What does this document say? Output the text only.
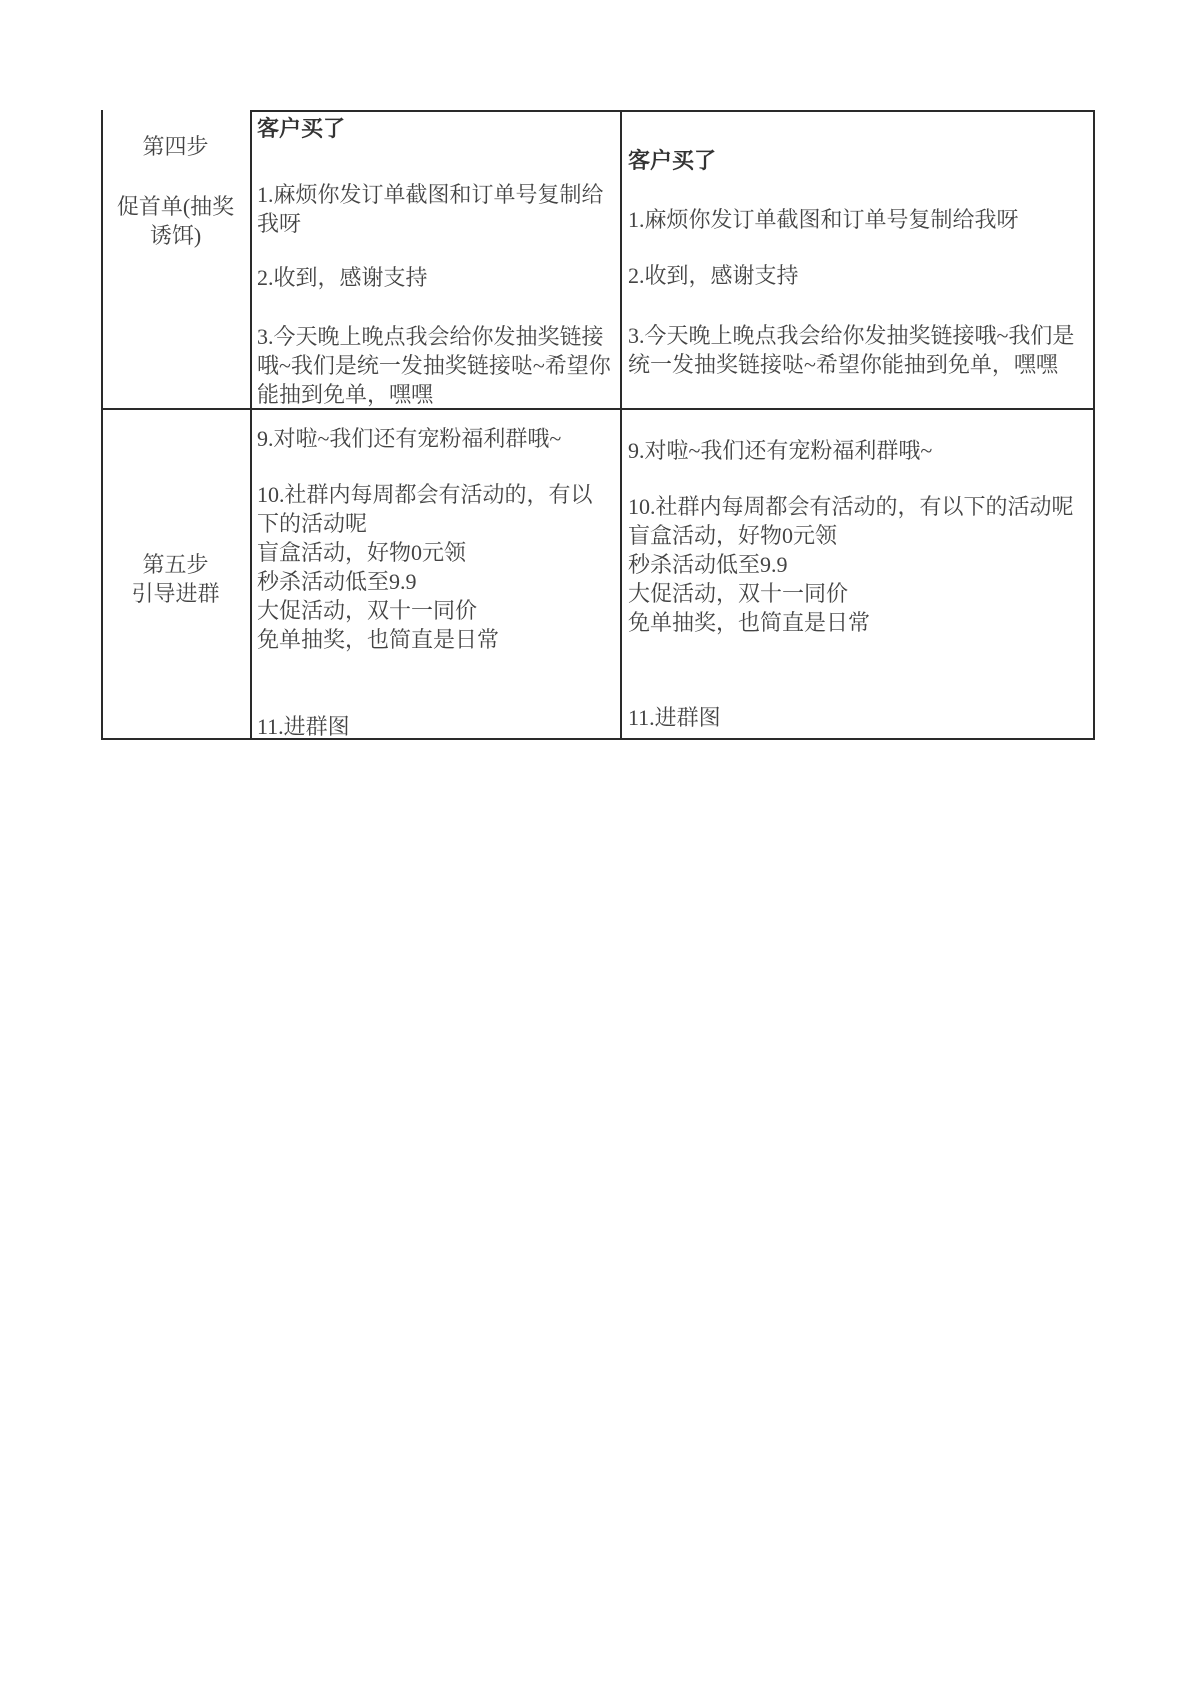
第四步
促首单(抽奖
诱饵)
客户买了
1.麻烦你发订单截图和订单号复制给
我呀
2.收到，感谢支持
3.今天晚上晚点我会给你发抽奖链接
哦~我们是统一发抽奖链接哒~希望你
能抽到免单，嘿嘿
客户买了
1.麻烦你发订单截图和订单号复制给我呀
2.收到，感谢支持
3.今天晚上晚点我会给你发抽奖链接哦~我们是
统一发抽奖链接哒~希望你能抽到免单，嘿嘿
第五步
引导进群
9.对啦~我们还有宠粉福利群哦~
10.社群内每周都会有活动的，有以
下的活动呢
盲盒活动，好物0元领
秒杀活动低至9.9
大促活动，双十一同价
免单抽奖，也简直是日常
11.进群图
9.对啦~我们还有宠粉福利群哦~
10.社群内每周都会有活动的，有以下的活动呢
盲盒活动，好物0元领
秒杀活动低至9.9
大促活动，双十一同价
免单抽奖，也简直是日常
11.进群图
